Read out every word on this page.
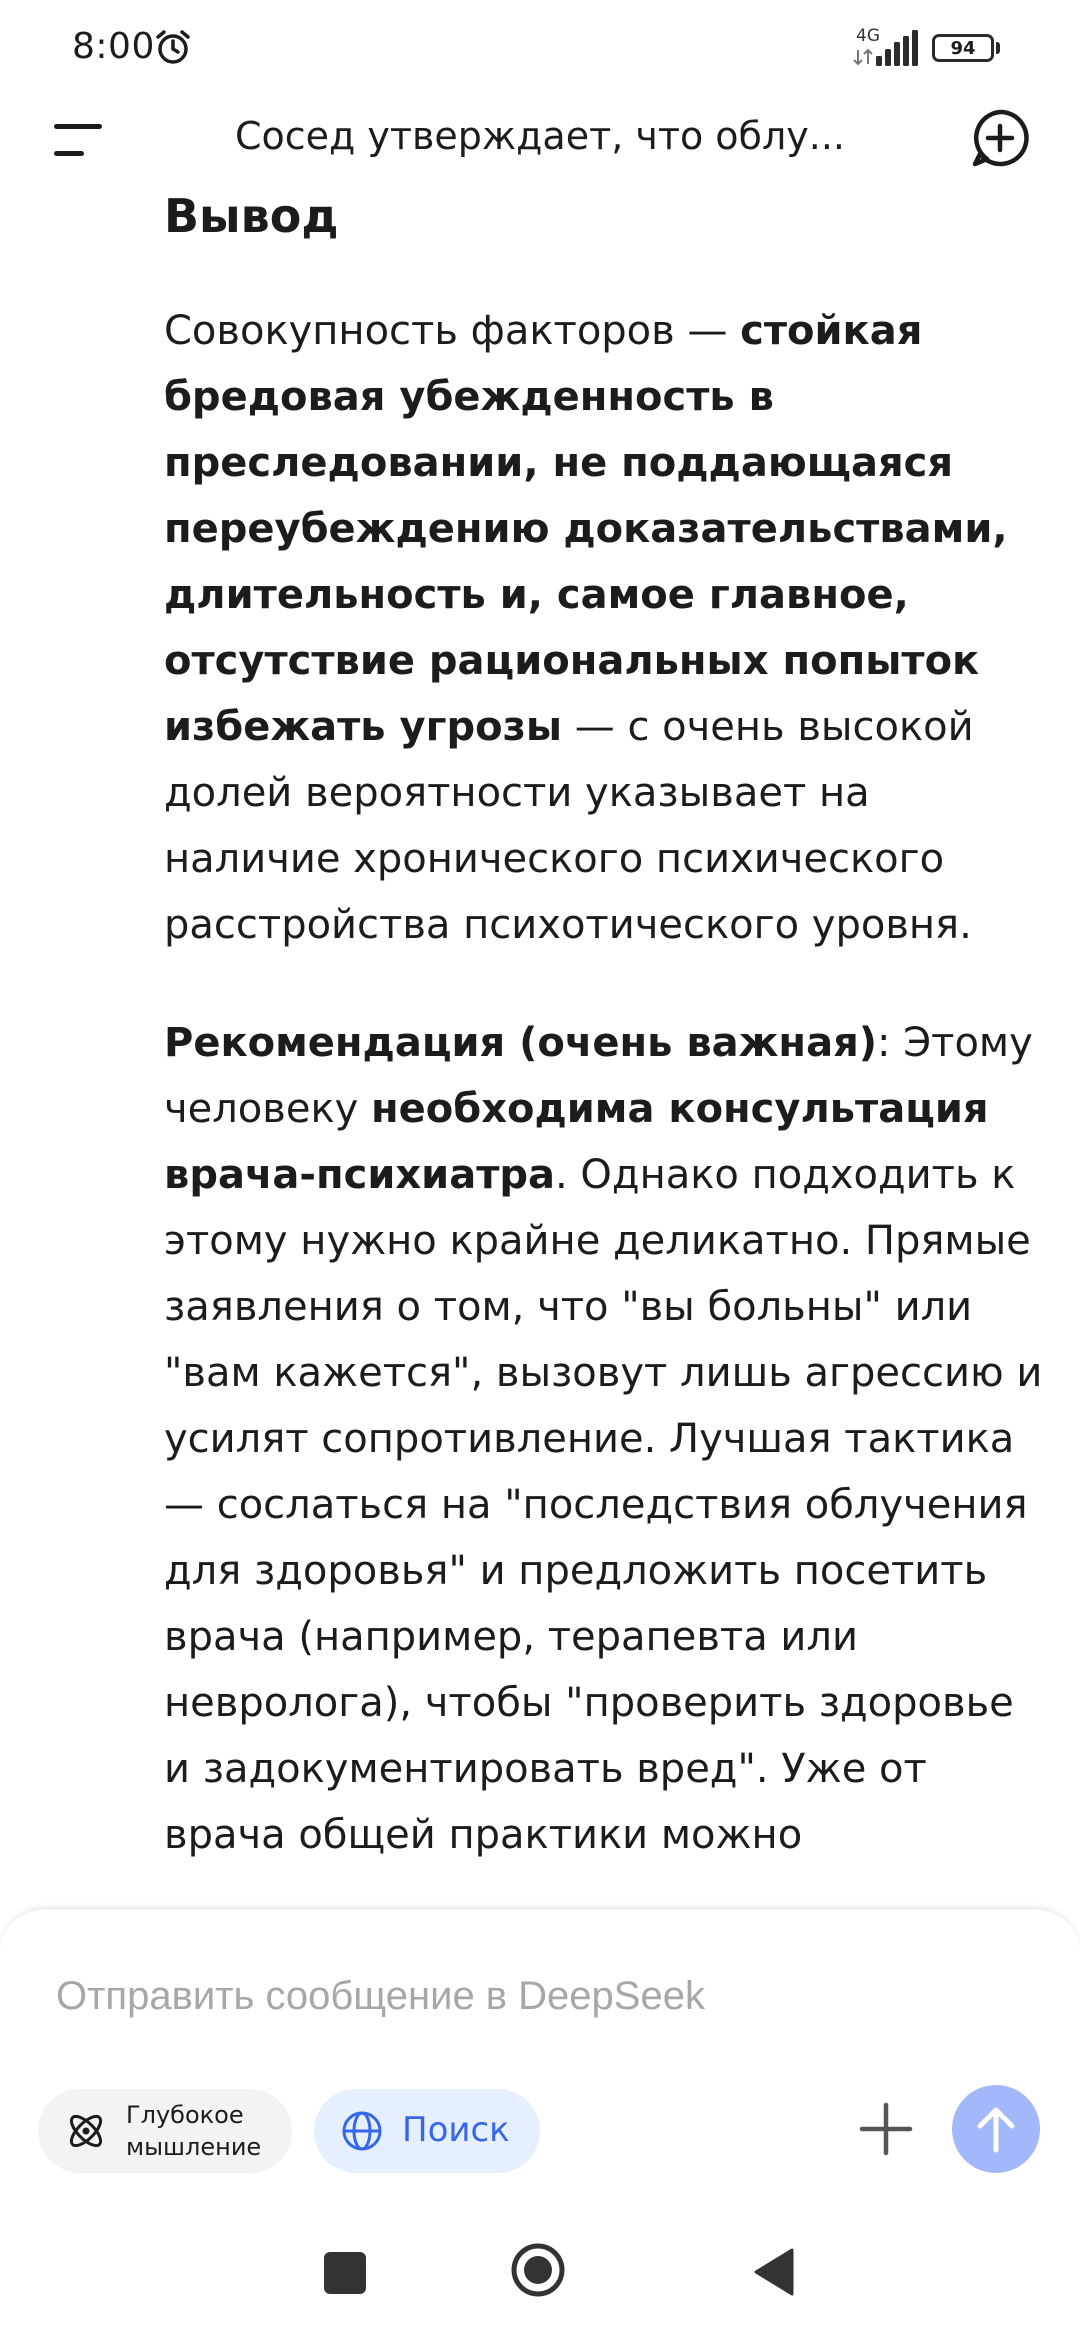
8:00	4G
94
Сосед утверждает, что облу...
Вывод

Совокупность факторов — стойкая бредовая убежденность в преследовании, не поддающаяся переубеждению доказательствами, длительность и, самое главное, отсутствие рациональных попыток избежать угрозы — с очень высокой долей вероятности указывает на наличие хронического психического расстройства психотического уровня.

Рекомендация (очень важная): Этому человеку необходима консультация врача-психиатра. Однако подходить к этому нужно крайне деликатно. Прямые заявления о том, что "вы больны" или "вам кажется", вызовут лишь агрессию и усилят сопротивление. Лучшая тактика — сослаться на "последствия облучения для здоровья" и предложить посетить врача (например, терапевта или невролога), чтобы "проверить здоровье и задокументировать вред". Уже от врача общей практики можно

Отправить сообщение в DeepSeek
Глубокое мышление	Поиск
